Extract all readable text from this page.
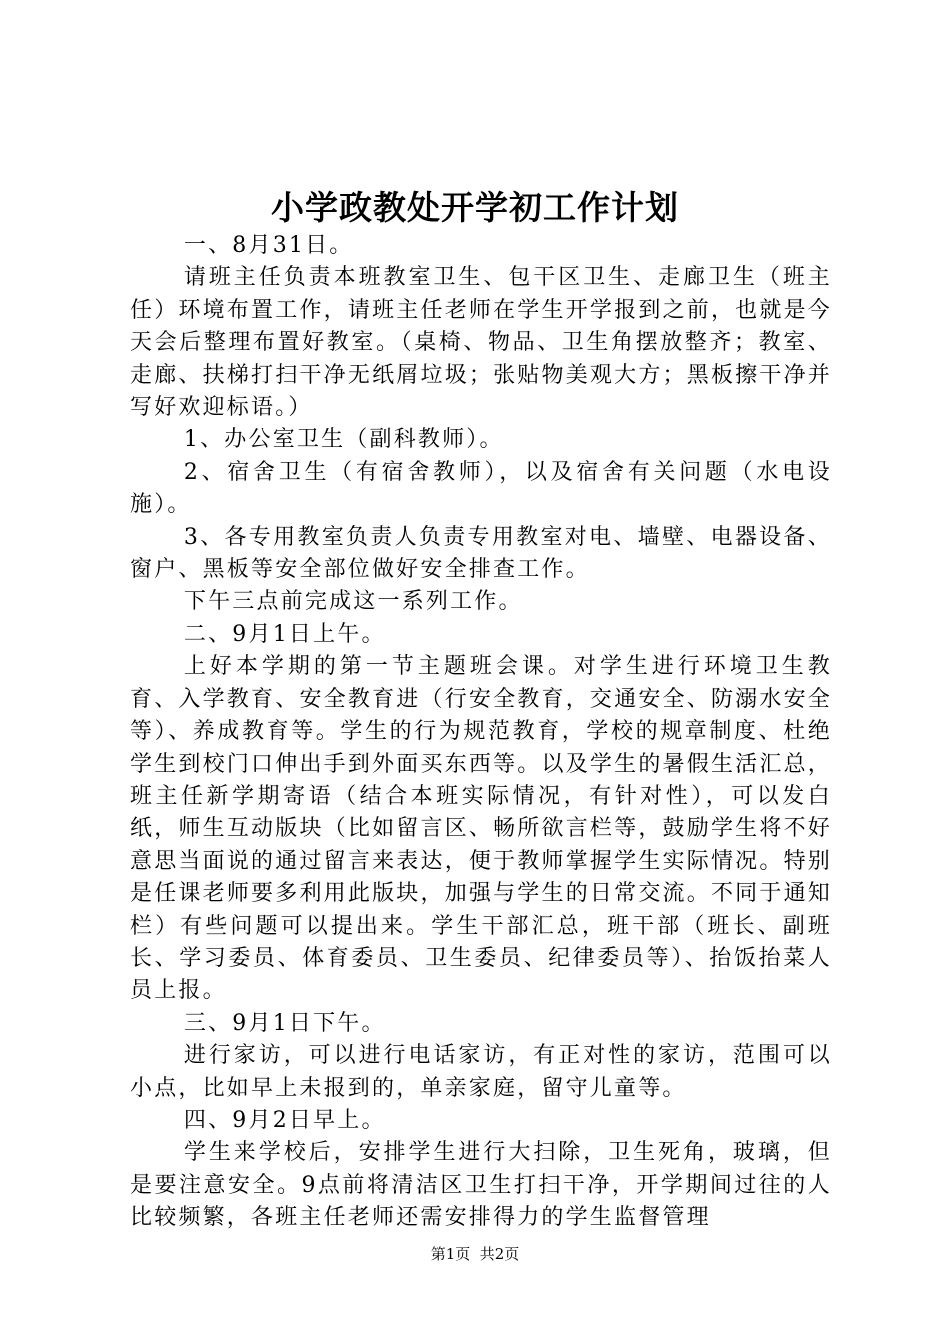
小学政教处开学初工作计划

一、8月31日。

请班主任负责本班教室卫生、包干区卫生、走廊卫生（班主任）环境布置工作，请班主任老师在学生开学报到之前，也就是今天会后整理布置好教室。（桌椅、物品、卫生角摆放整齐；教室、走廊、扶梯打扫干净无纸屑垃圾；张贴物美观大方；黑板擦干净并写好欢迎标语。）

1、办公室卫生（副科教师）。

2、宿舍卫生（有宿舍教师），以及宿舍有关问题（水电设施）。

3、各专用教室负责人负责专用教室对电、墙壁、电器设备、窗户、黑板等安全部位做好安全排查工作。

下午三点前完成这一系列工作。

二、9月1日上午。

上好本学期的第一节主题班会课。对学生进行环境卫生教育、入学教育、安全教育进（行安全教育，交通安全、防溺水安全等）、养成教育等。学生的行为规范教育，学校的规章制度、杜绝学生到校门口伸出手到外面买东西等。以及学生的暑假生活汇总，班主任新学期寄语（结合本班实际情况，有针对性），可以发白纸，师生互动版块（比如留言区、畅所欲言栏等，鼓励学生将不好意思当面说的通过留言来表达，便于教师掌握学生实际情况。特别是任课老师要多利用此版块，加强与学生的日常交流。不同于通知栏）有些问题可以提出来。学生干部汇总，班干部（班长、副班长、学习委员、体育委员、卫生委员、纪律委员等）、抬饭抬菜人员上报。

三、9月1日下午。

进行家访，可以进行电话家访，有正对性的家访，范围可以小点，比如早上未报到的，单亲家庭，留守儿童等。

四、9月2日早上。

学生来学校后，安排学生进行大扫除，卫生死角，玻璃，但是要注意安全。9点前将清洁区卫生打扫干净，开学期间过往的人比较频繁，各班主任老师还需安排得力的学生监督管理

第1页  共2页
